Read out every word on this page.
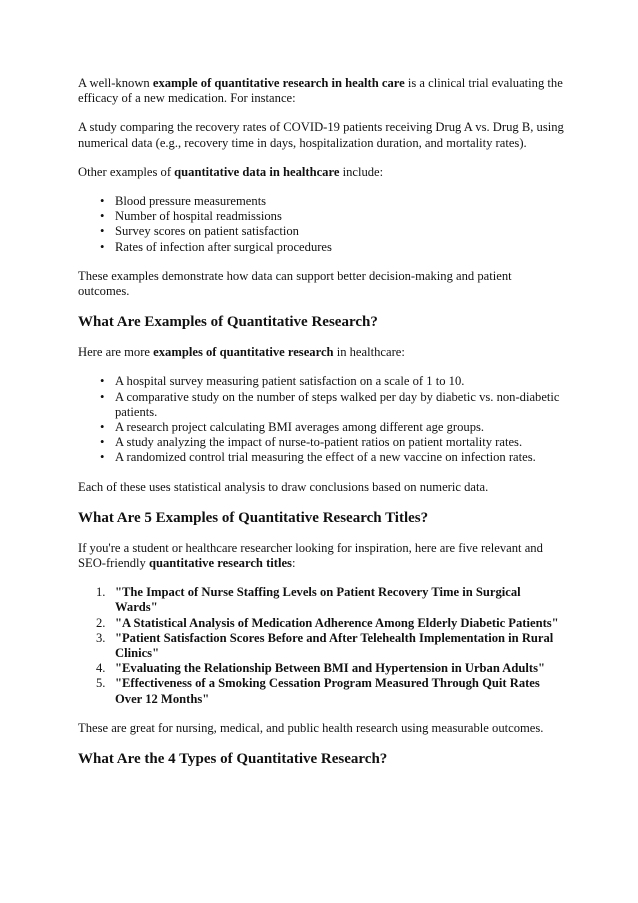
A well-known example of quantitative research in health care is a clinical trial evaluating the efficacy of a new medication. For instance:

A study comparing the recovery rates of COVID-19 patients receiving Drug A vs. Drug B, using numerical data (e.g., recovery time in days, hospitalization duration, and mortality rates).

Other examples of quantitative data in healthcare include:

• Blood pressure measurements
• Number of hospital readmissions
• Survey scores on patient satisfaction
• Rates of infection after surgical procedures

These examples demonstrate how data can support better decision-making and patient outcomes.

What Are Examples of Quantitative Research?

Here are more examples of quantitative research in healthcare:

• A hospital survey measuring patient satisfaction on a scale of 1 to 10.
• A comparative study on the number of steps walked per day by diabetic vs. non-diabetic patients.
• A research project calculating BMI averages among different age groups.
• A study analyzing the impact of nurse-to-patient ratios on patient mortality rates.
• A randomized control trial measuring the effect of a new vaccine on infection rates.

Each of these uses statistical analysis to draw conclusions based on numeric data.

What Are 5 Examples of Quantitative Research Titles?

If you're a student or healthcare researcher looking for inspiration, here are five relevant and SEO-friendly quantitative research titles:

1. "The Impact of Nurse Staffing Levels on Patient Recovery Time in Surgical Wards"
2. "A Statistical Analysis of Medication Adherence Among Elderly Diabetic Patients"
3. "Patient Satisfaction Scores Before and After Telehealth Implementation in Rural Clinics"
4. "Evaluating the Relationship Between BMI and Hypertension in Urban Adults"
5. "Effectiveness of a Smoking Cessation Program Measured Through Quit Rates Over 12 Months"

These are great for nursing, medical, and public health research using measurable outcomes.

What Are the 4 Types of Quantitative Research?
